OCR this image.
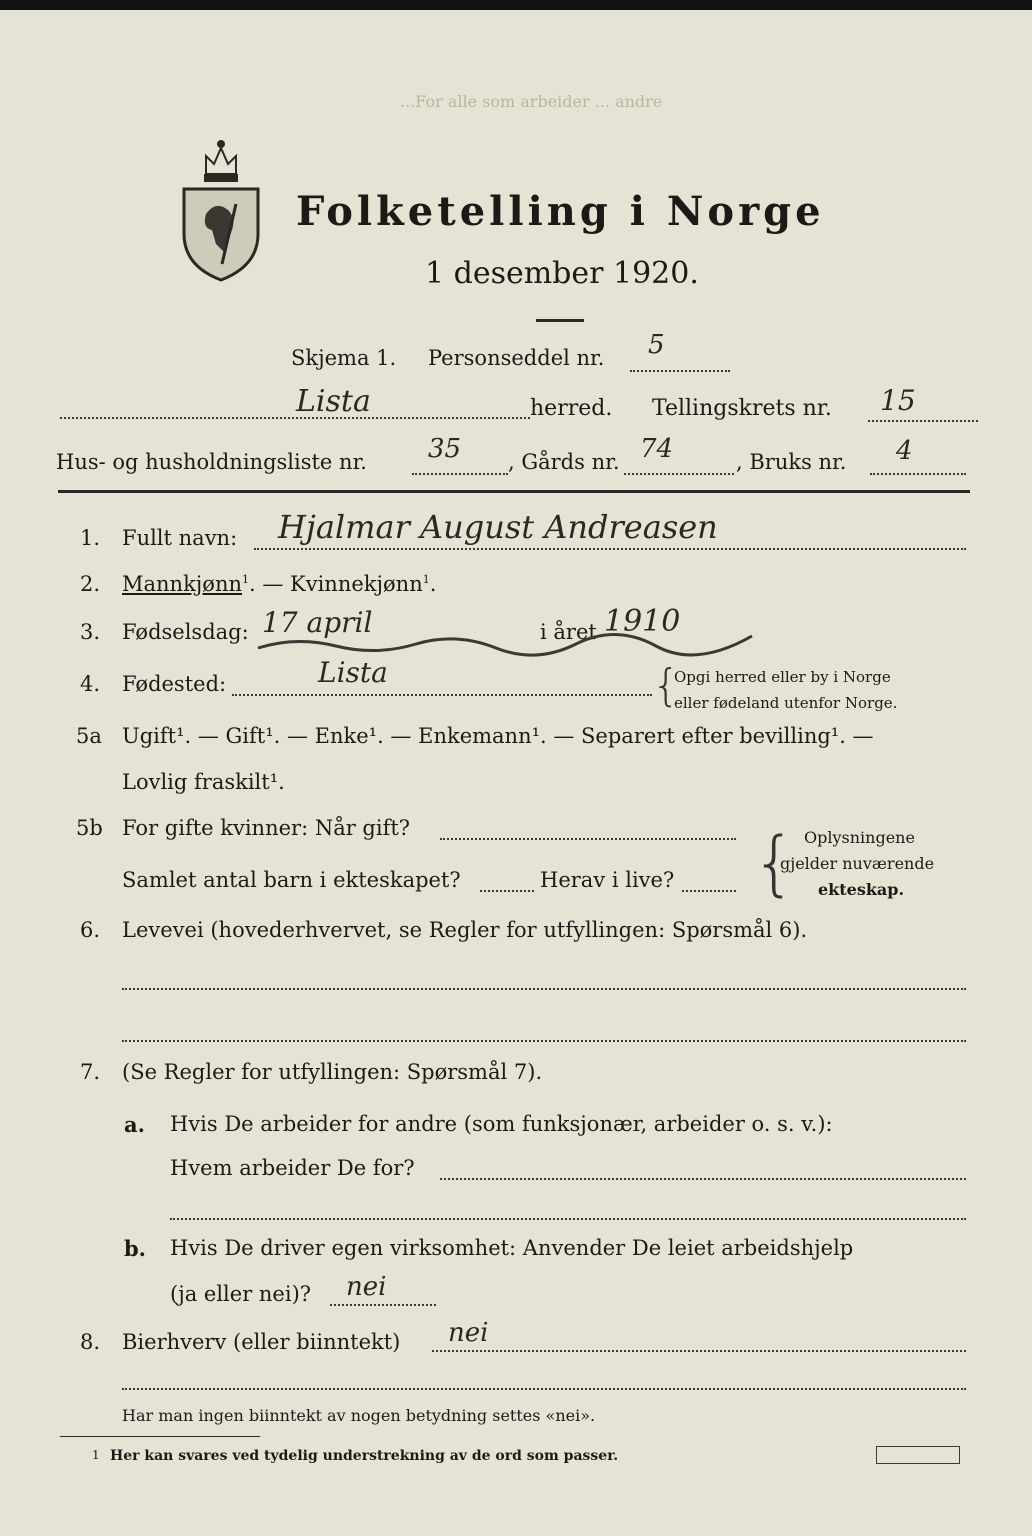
...For alle som arbeider ... andre
Folketelling i Norge
1 desember 1920.
Skjema 1. Personseddel nr. 5
Lista	herred. Tellingskrets nr. 15
Hus- og husholdningsliste nr. 35 , Gårds nr. 74	, Bruks nr. 4
1. Fullt navn: Hjalmar August Andreasen
2. Mannkjønn$^1$. — Kvinnekjønn$^1$.
3. Fødselsdag: 17 april	i året 1910
4. Fødested:	Lista	{
Opgi herred eller by i Norge
eller fødeland utenfor Norge.
5a Ugift¹. — Gift¹. — Enke¹. — Enkemann¹. — Separert efter bevilling¹. —
Lovlig fraskilt¹.
5b For gifte kvinner: Når gift?
Samlet antal barn i ekteskapet?	Herav i live? { Oplysningene
gjelder nuværende
ekteskap.
6. Levevei (hovederhvervet, se Regler for utfyllingen: Spørsmål 6).
7. (Se Regler for utfyllingen: Spørsmål 7).
a. Hvis De arbeider for andre (som funksjonær, arbeider o. s. v.):
Hvem arbeider De for?
b. Hvis De driver egen virksomhet: Anvender De leiet arbeidshjelp
(ja eller nei)? nei
8. Bierhverv (eller biinntekt) nei
Har man ingen biinntekt av nogen betydning settes «nei».
1 Her kan svares ved tydelig understrekning av de ord som passer.
